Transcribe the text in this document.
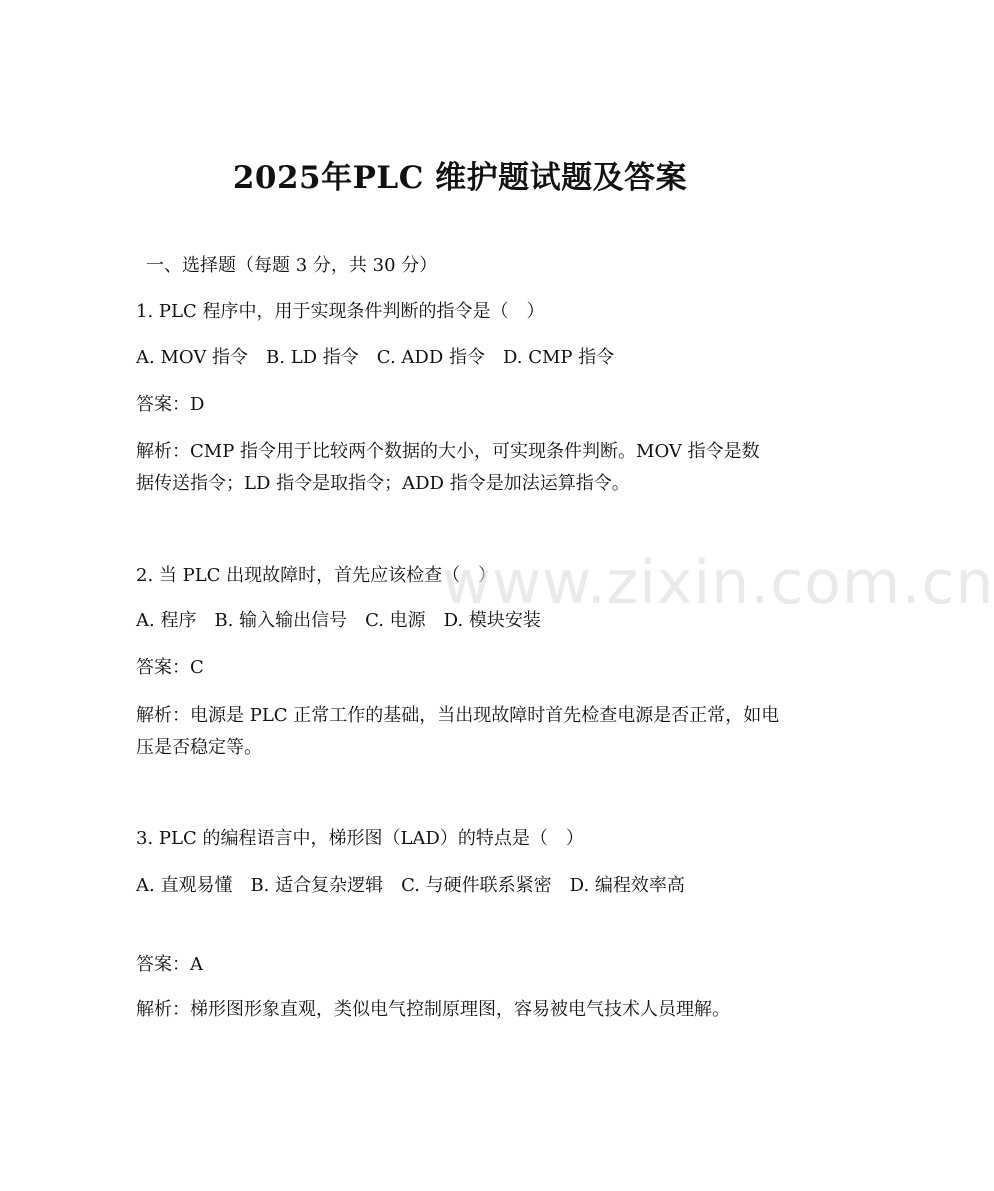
2025年PLC 维护题试题及答案
一、选择题（每题 3 分，共 30 分）
1. PLC 程序中，用于实现条件判断的指令是（　）
A. MOV 指令　B. LD 指令　C. ADD 指令　D. CMP 指令
答案：D
解析：CMP 指令用于比较两个数据的大小，可实现条件判断。MOV 指令是数据传送指令；LD 指令是取指令；ADD 指令是加法运算指令。
2. 当 PLC 出现故障时，首先应该检查（　）
A. 程序　B. 输入输出信号　C. 电源　D. 模块安装
答案：C
解析：电源是 PLC 正常工作的基础，当出现故障时首先检查电源是否正常，如电压是否稳定等。
3. PLC 的编程语言中，梯形图（LAD）的特点是（　）
A. 直观易懂　B. 适合复杂逻辑　C. 与硬件联系紧密　D. 编程效率高
答案：A
解析：梯形图形象直观，类似电气控制原理图，容易被电气技术人员理解。
www.zixin.com.cn
